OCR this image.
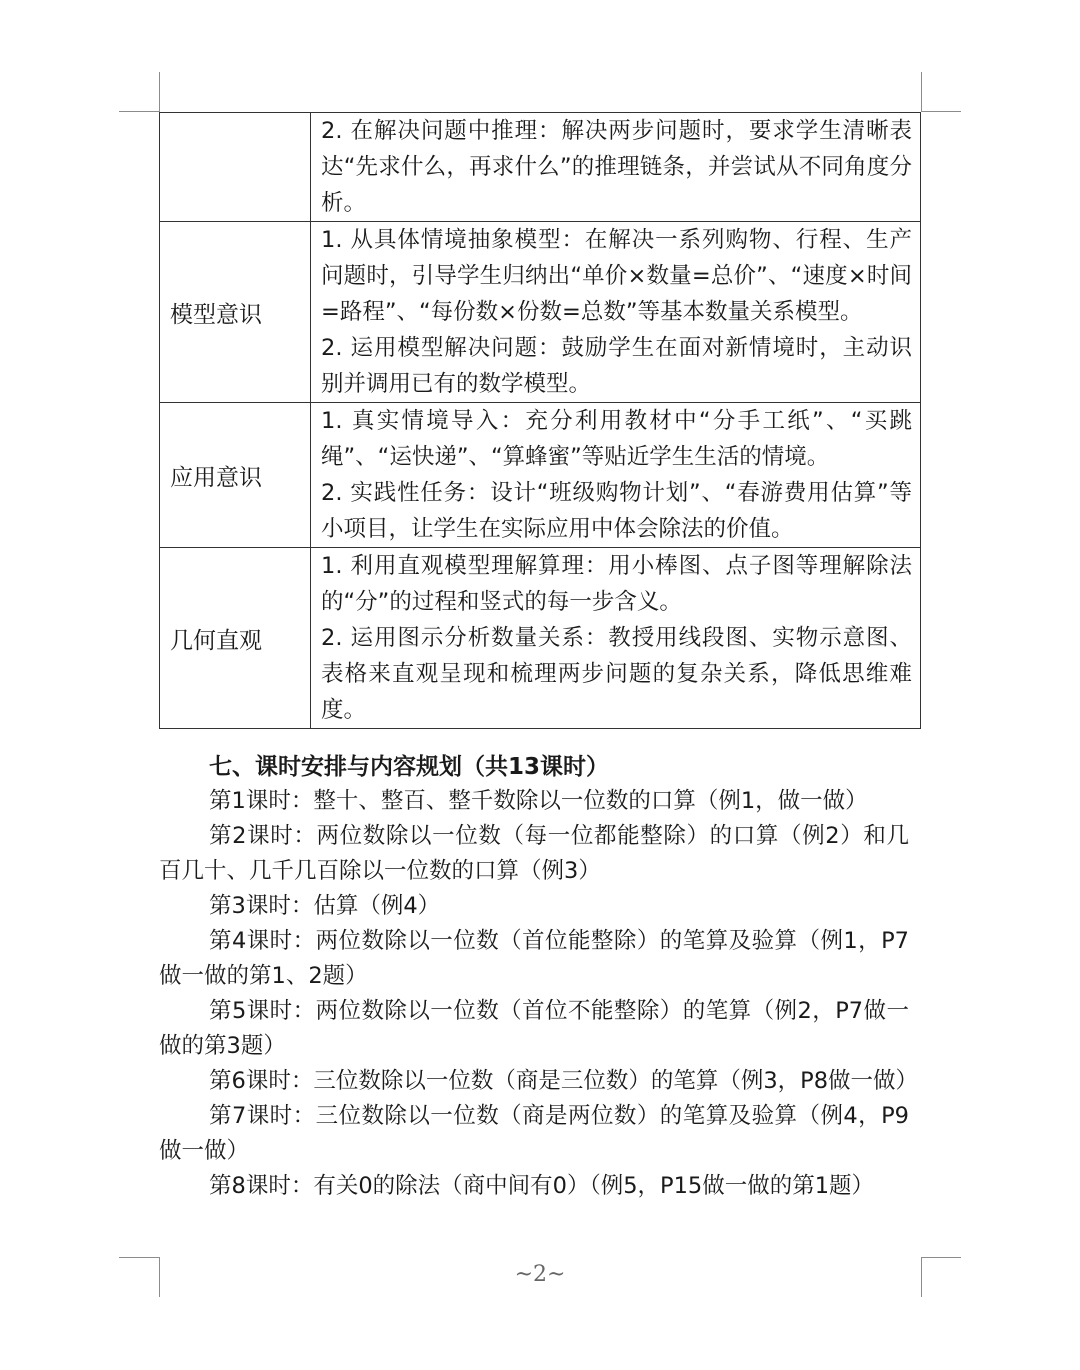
	2. 在解决问题中推理：解决两步问题时，要求学生清晰表达“先求什么，再求什么”的推理链条，并尝试从不同角度分析。

模型意识	1. 从具体情境抽象模型：在解决一系列购物、行程、生产问题时，引导学生归纳出“单价×数量=总价”、“速度×时间=路程”、“每份数×份数=总数”等基本数量关系模型。

2. 运用模型解决问题：鼓励学生在面对新情境时，主动识别并调用已有的数学模型。

应用意识	1. 真实情境导入：充分利用教材中“分手工纸”、“买跳绳”、“运快递”、“算蜂蜜”等贴近学生生活的情境。

2. 实践性任务：设计“班级购物计划”、“春游费用估算”等小项目，让学生在实际应用中体会除法的价值。

几何直观	1. 利用直观模型理解算理：用小棒图、点子图等理解除法的“分”的过程和竖式的每一步含义。

2. 运用图示分析数量关系：教授用线段图、实物示意图、表格来直观呈现和梳理两步问题的复杂关系，降低思维难度。

七、课时安排与内容规划（共13课时）

第1课时：整十、整百、整千数除以一位数的口算（例1，做一做）

第2课时：两位数除以一位数（每一位都能整除）的口算（例2）和几百几十、几千几百除以一位数的口算（例3）

第3课时：估算（例4）

第4课时：两位数除以一位数（首位能整除）的笔算及验算（例1，P7做一做的第1、2题）

第5课时：两位数除以一位数（首位不能整除）的笔算（例2，P7做一做的第3题）

第6课时：三位数除以一位数（商是三位数）的笔算（例3，P8做一做）

第7课时：三位数除以一位数（商是两位数）的笔算及验算（例4，P9做一做）

第8课时：有关0的除法（商中间有0）（例5，P15做一做的第1题）

~2~
